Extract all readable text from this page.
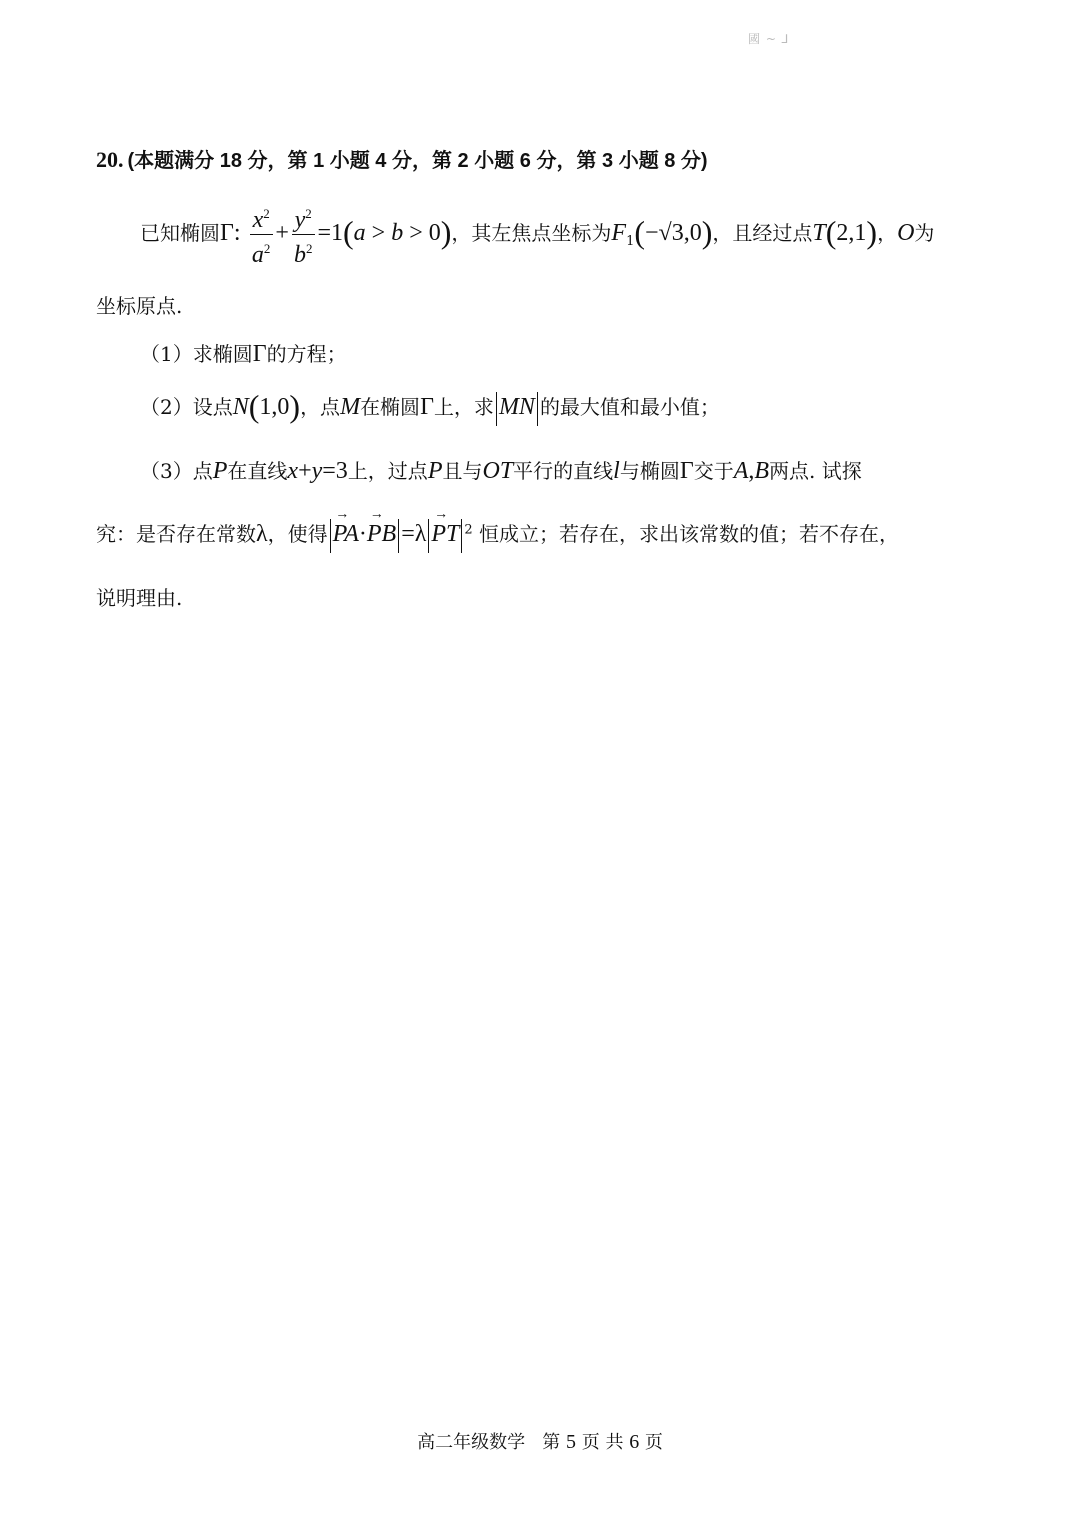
國 ~ ⅃
20. (本题满分 18 分，第 1 小题 4 分，第 2 小题 6 分，第 3 小题 8 分)
已知椭圆Γ: $\frac{x^2}{a^2} + \frac{y^2}{b^2} =1(a > b > 0)$，其左焦点坐标为$F_1(-√3,0)$，且经过点T(2,1)，O为
坐标原点.
（1）求椭圆Γ的方程；
（2）设点N(1,0)，点M在椭圆Γ上，求 MN 的最大值和最小值；
（3）点P在直线x+y=3上，过点P且与OT平行的直线l与椭圆Γ交于A,B两点. 试探
究：是否存在常数λ，使得 PA →·PB → =λ PT → $^2$ 恒成立；若存在，求出该常数的值；若不存在，
说明理由.
高二年级数学 第 5 页 共 6 页
